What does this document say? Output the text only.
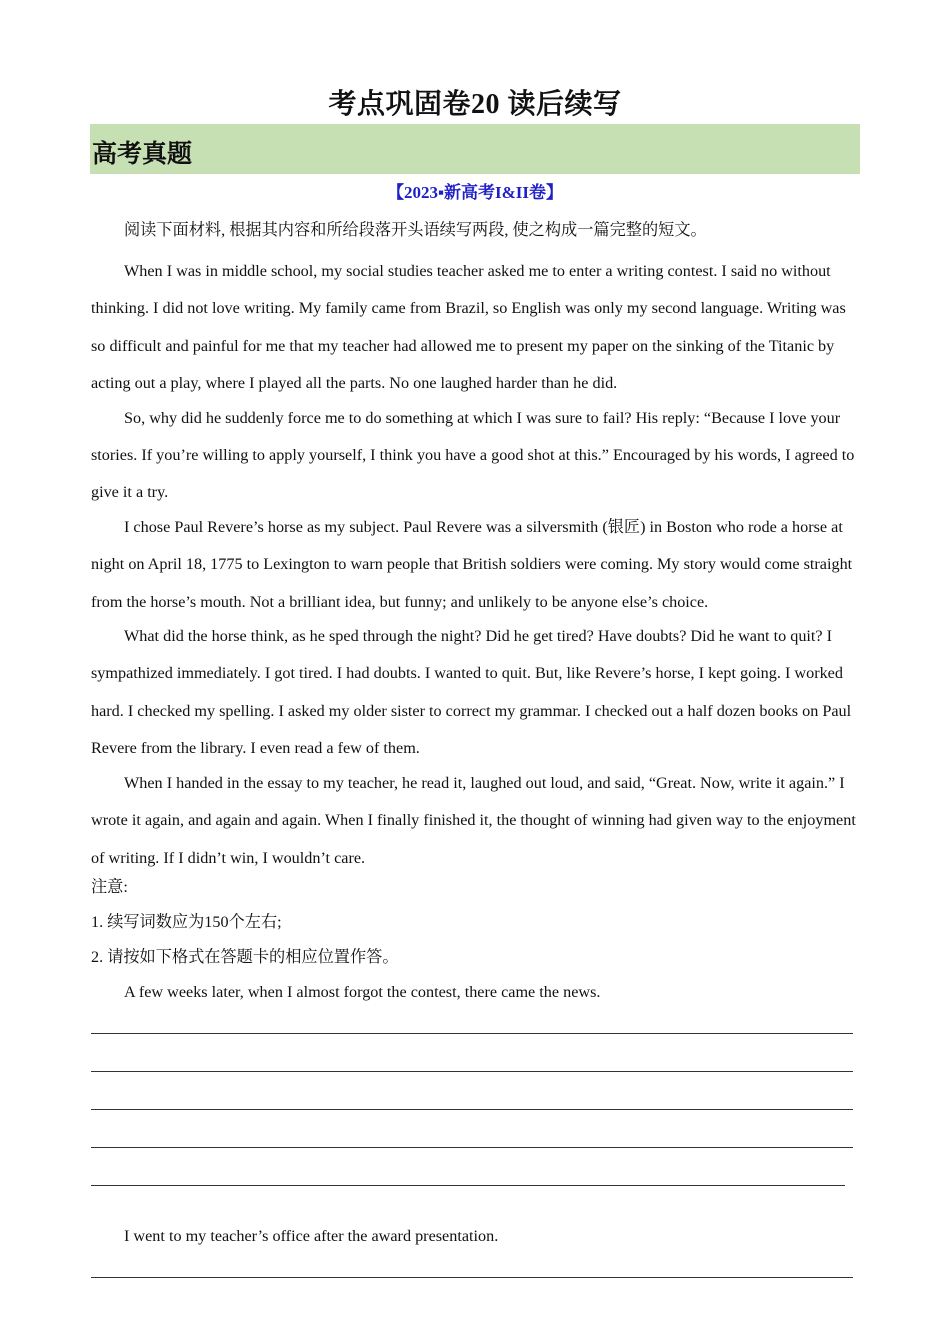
考点巩固卷20 读后续写
高考真题
【2023▪新高考I&II卷】

阅读下面材料, 根据其内容和所给段落开头语续写两段, 使之构成一篇完整的短文。

When I was in middle school, my social studies teacher asked me to enter a writing contest. I said no without thinking. I did not love writing. My family came from Brazil, so English was only my second language. Writing was so difficult and painful for me that my teacher had allowed me to present my paper on the sinking of the Titanic by acting out a play, where I played all the parts. No one laughed harder than he did.

So, why did he suddenly force me to do something at which I was sure to fail? His reply: “Because I love your stories. If you’re willing to apply yourself, I think you have a good shot at this.” Encouraged by his words, I agreed to give it a try.

I chose Paul Revere’s horse as my subject. Paul Revere was a silversmith (银匠) in Boston who rode a horse at night on April 18, 1775 to Lexington to warn people that British soldiers were coming. My story would come straight from the horse’s mouth. Not a brilliant idea, but funny; and unlikely to be anyone else’s choice.

What did the horse think, as he sped through the night? Did he get tired? Have doubts? Did he want to quit? I sympathized immediately. I got tired. I had doubts. I wanted to quit. But, like Revere’s horse, I kept going. I worked hard. I checked my spelling. I asked my older sister to correct my grammar. I checked out a half dozen books on Paul Revere from the library. I even read a few of them.

When I handed in the essay to my teacher, he read it, laughed out loud, and said, “Great. Now, write it again.” I wrote it again, and again and again. When I finally finished it, the thought of winning had given way to the enjoyment of writing. If I didn’t win, I wouldn’t care.

注意:

1. 续写词数应为150个左右;

2. 请按如下格式在答题卡的相应位置作答。

A few weeks later, when I almost forgot the contest, there came the news.

I went to my teacher’s office after the award presentation.
